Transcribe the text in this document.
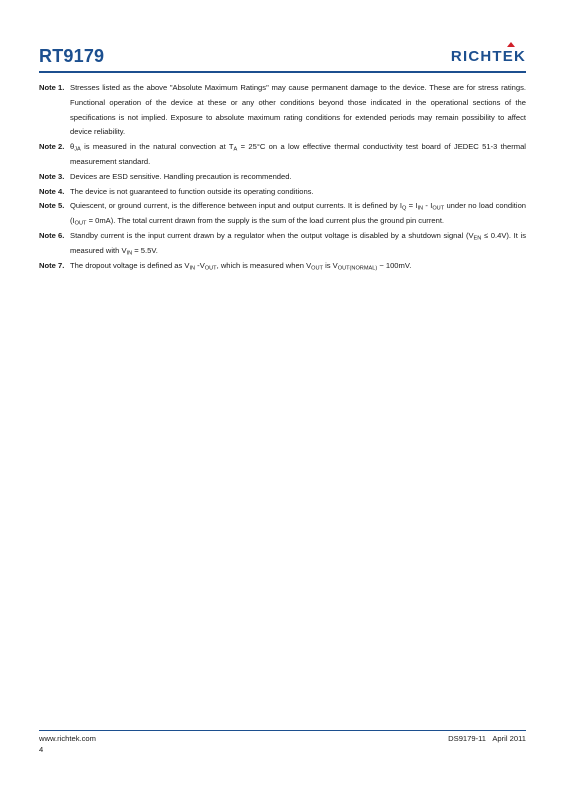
RT9179	RICHTEK
Note 1. Stresses listed as the above "Absolute Maximum Ratings" may cause permanent damage to the device. These are for stress ratings. Functional operation of the device at these or any other conditions beyond those indicated in the operational sections of the specifications is not implied. Exposure to absolute maximum rating conditions for extended periods may remain possibility to affect device reliability.
Note 2. $\theta_{JA}$ is measured in the natural convection at $T_A = 25^\circ C$ on a low effective thermal conductivity test board of JEDEC 51-3 thermal measurement standard.
Note 3. Devices are ESD sensitive. Handling precaution is recommended.
Note 4. The device is not guaranteed to function outside its operating conditions.
Note 5. Quiescent, or ground current, is the difference between input and output currents. It is defined by $I_Q = I_{IN} - I_{OUT}$ under no load condition $(I_{OUT} = 0mA)$. The total current drawn from the supply is the sum of the load current plus the ground pin current.
Note 6. Standby current is the input current drawn by a regulator when the output voltage is disabled by a shutdown signal $(V_{EN} \le 0.4V)$. It is measured with $V_{IN} = 5.5V$.
Note 7. The dropout voltage is defined as $V_{IN}$ $-V_{OUT}$, which is measured when $V_{OUT}$ is $V_{OUT(NORMAL)} - 100mV$.
www.richtek.com	DS9179-11 April 2011
4
